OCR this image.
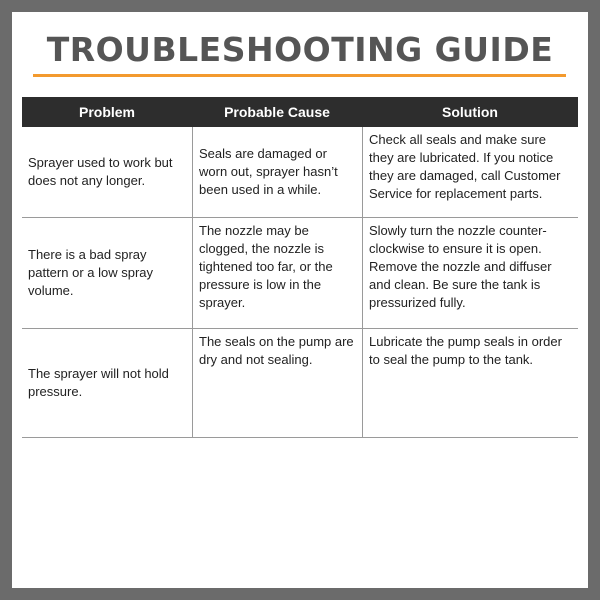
TROUBLESHOOTING GUIDE
Problem	Probable Cause	Solution
Sprayer used to work but does not any longer.
Seals are damaged or worn out, sprayer hasn’t been used in a while.
Check all seals and make sure they are lubricated. If you notice they are damaged, call Customer Service for replacement parts.
There is a bad spray pattern or a low spray volume.
The nozzle may be clogged, the nozzle is tightened too far, or the pressure is low in the sprayer.
Slowly turn the nozzle counter-clockwise to ensure it is open. Remove the nozzle and diffuser and clean. Be sure the tank is pressurized fully.
The sprayer will not hold pressure.
The seals on the pump are dry and not sealing.
Lubricate the pump seals in order to seal the pump to the tank.
